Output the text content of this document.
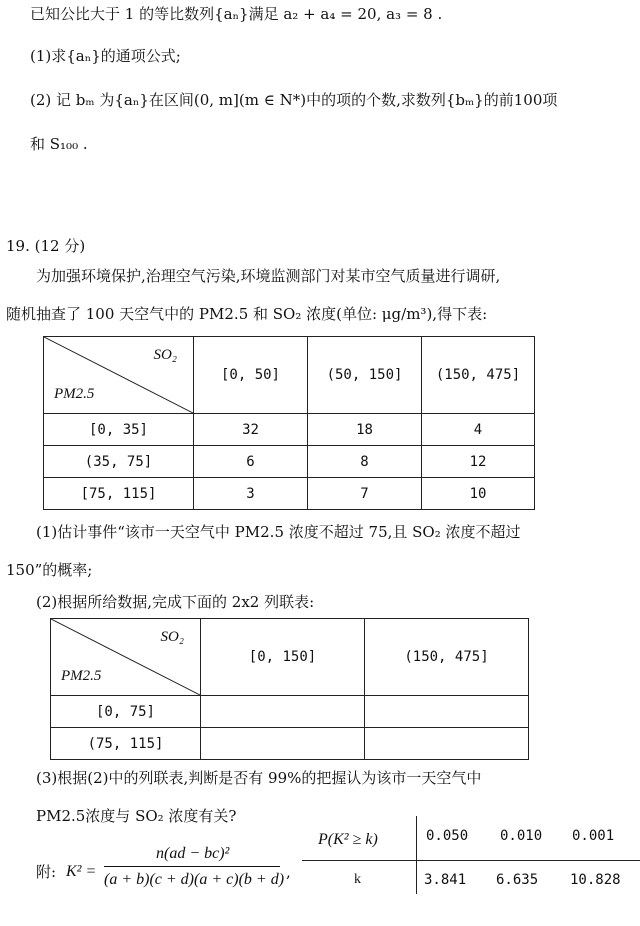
已知公比大于 1 的等比数列{aₙ}满足 a₂ + a₄ = 20, a₃ = 8 .
(1)求{aₙ}的通项公式;
(2) 记 bₘ 为{aₙ}在区间(0, m](m ∈ N*)中的项的个数,求数列{bₘ}的前100项
和 S₁₀₀ .
19. (12 分)
为加强环境保护,治理空气污染,环境监测部门对某市空气质量进行调研,
随机抽查了 100 天空气中的 PM2.5 和 SO₂ 浓度(单位: μg/m³),得下表:
SO₂
PM2.5	[0, 50]	(50, 150]	(150, 475]
[0, 35]	32	18	4
(35, 75]	6	8	12
[75, 115]	3	7	10
(1)估计事件“该市一天空气中 PM2.5 浓度不超过 75,且 SO₂ 浓度不超过
150”的概率;
(2)根据所给数据,完成下面的 2x2 列联表:
SO₂
PM2.5	[0, 150]	(150, 475]
[0, 75]		
(75, 115]		
(3)根据(2)中的列联表,判断是否有 99%的把握认为该市一天空气中
PM2.5浓度与 SO₂ 浓度有关?
附: K² =
n(ad − bc)²
(a + b)(c + d)(a + c)(b + d) ,
P(K² ≥ k)	0.050 0.010 0.001
k	3.841 6.635 10.828
